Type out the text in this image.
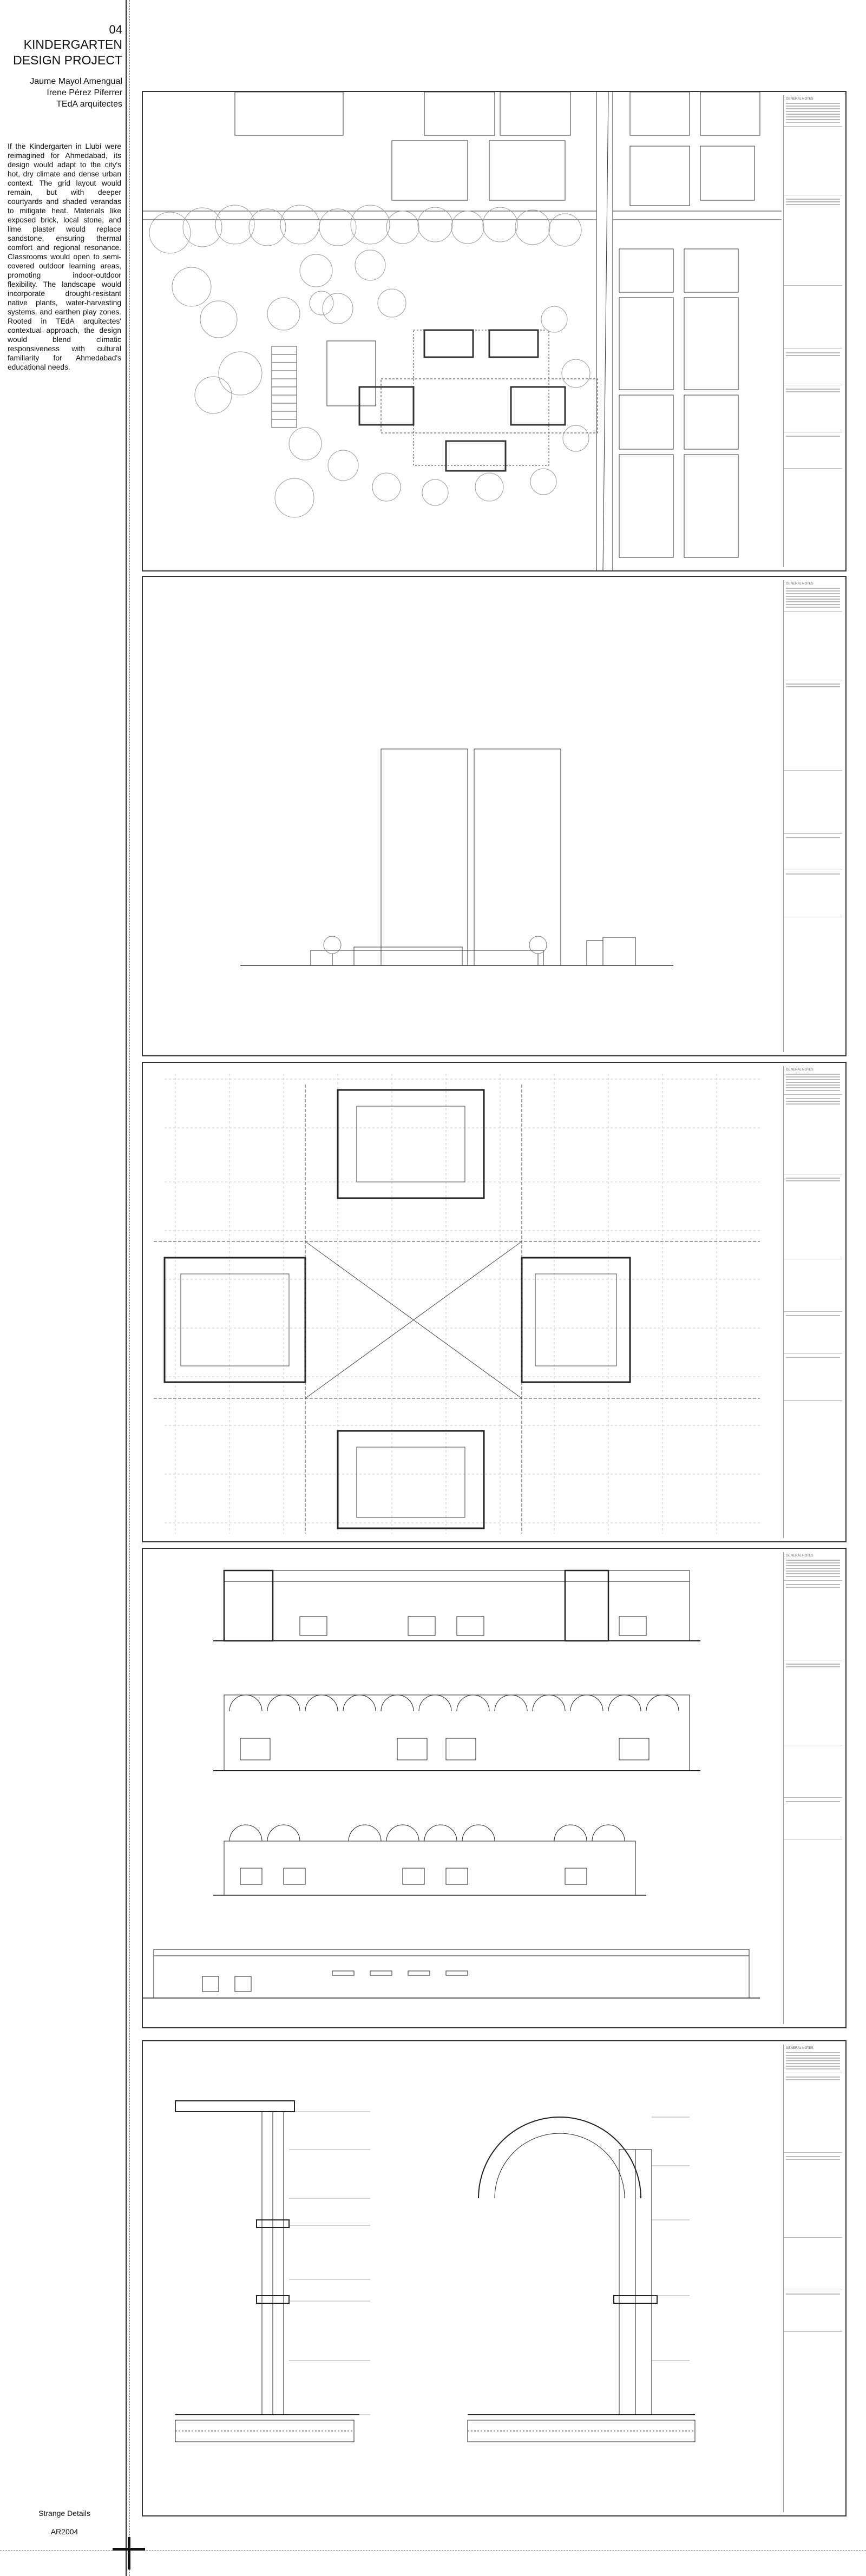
04
KINDERGARTEN
DESIGN PROJECT
Jaume Mayol Amengual
Irene Pérez Piferrer
TEdA arquitectes
If the Kindergarten in Llubí were reimagined for Ahmedabad, its design would adapt to the city's hot, dry climate and dense urban context. The grid layout would remain, but with deeper courtyards and shaded verandas to mitigate heat. Materials like exposed brick, local stone, and lime plaster would replace sandstone, ensuring thermal comfort and regional resonance. Classrooms would open to semi-covered outdoor learning areas, promoting indoor-outdoor flexibility. The landscape would incorporate drought-resistant native plants, water-harvesting systems, and earthen play zones. Rooted in TEdA arquitectes' contextual approach, the design would blend climatic responsiveness with cultural familiarity for Ahmedabad's educational needs.
Strange Details
AR2004
GENERAL NOTES
GENERAL NOTES
GENERAL NOTES
GENERAL NOTES
GENERAL NOTES
